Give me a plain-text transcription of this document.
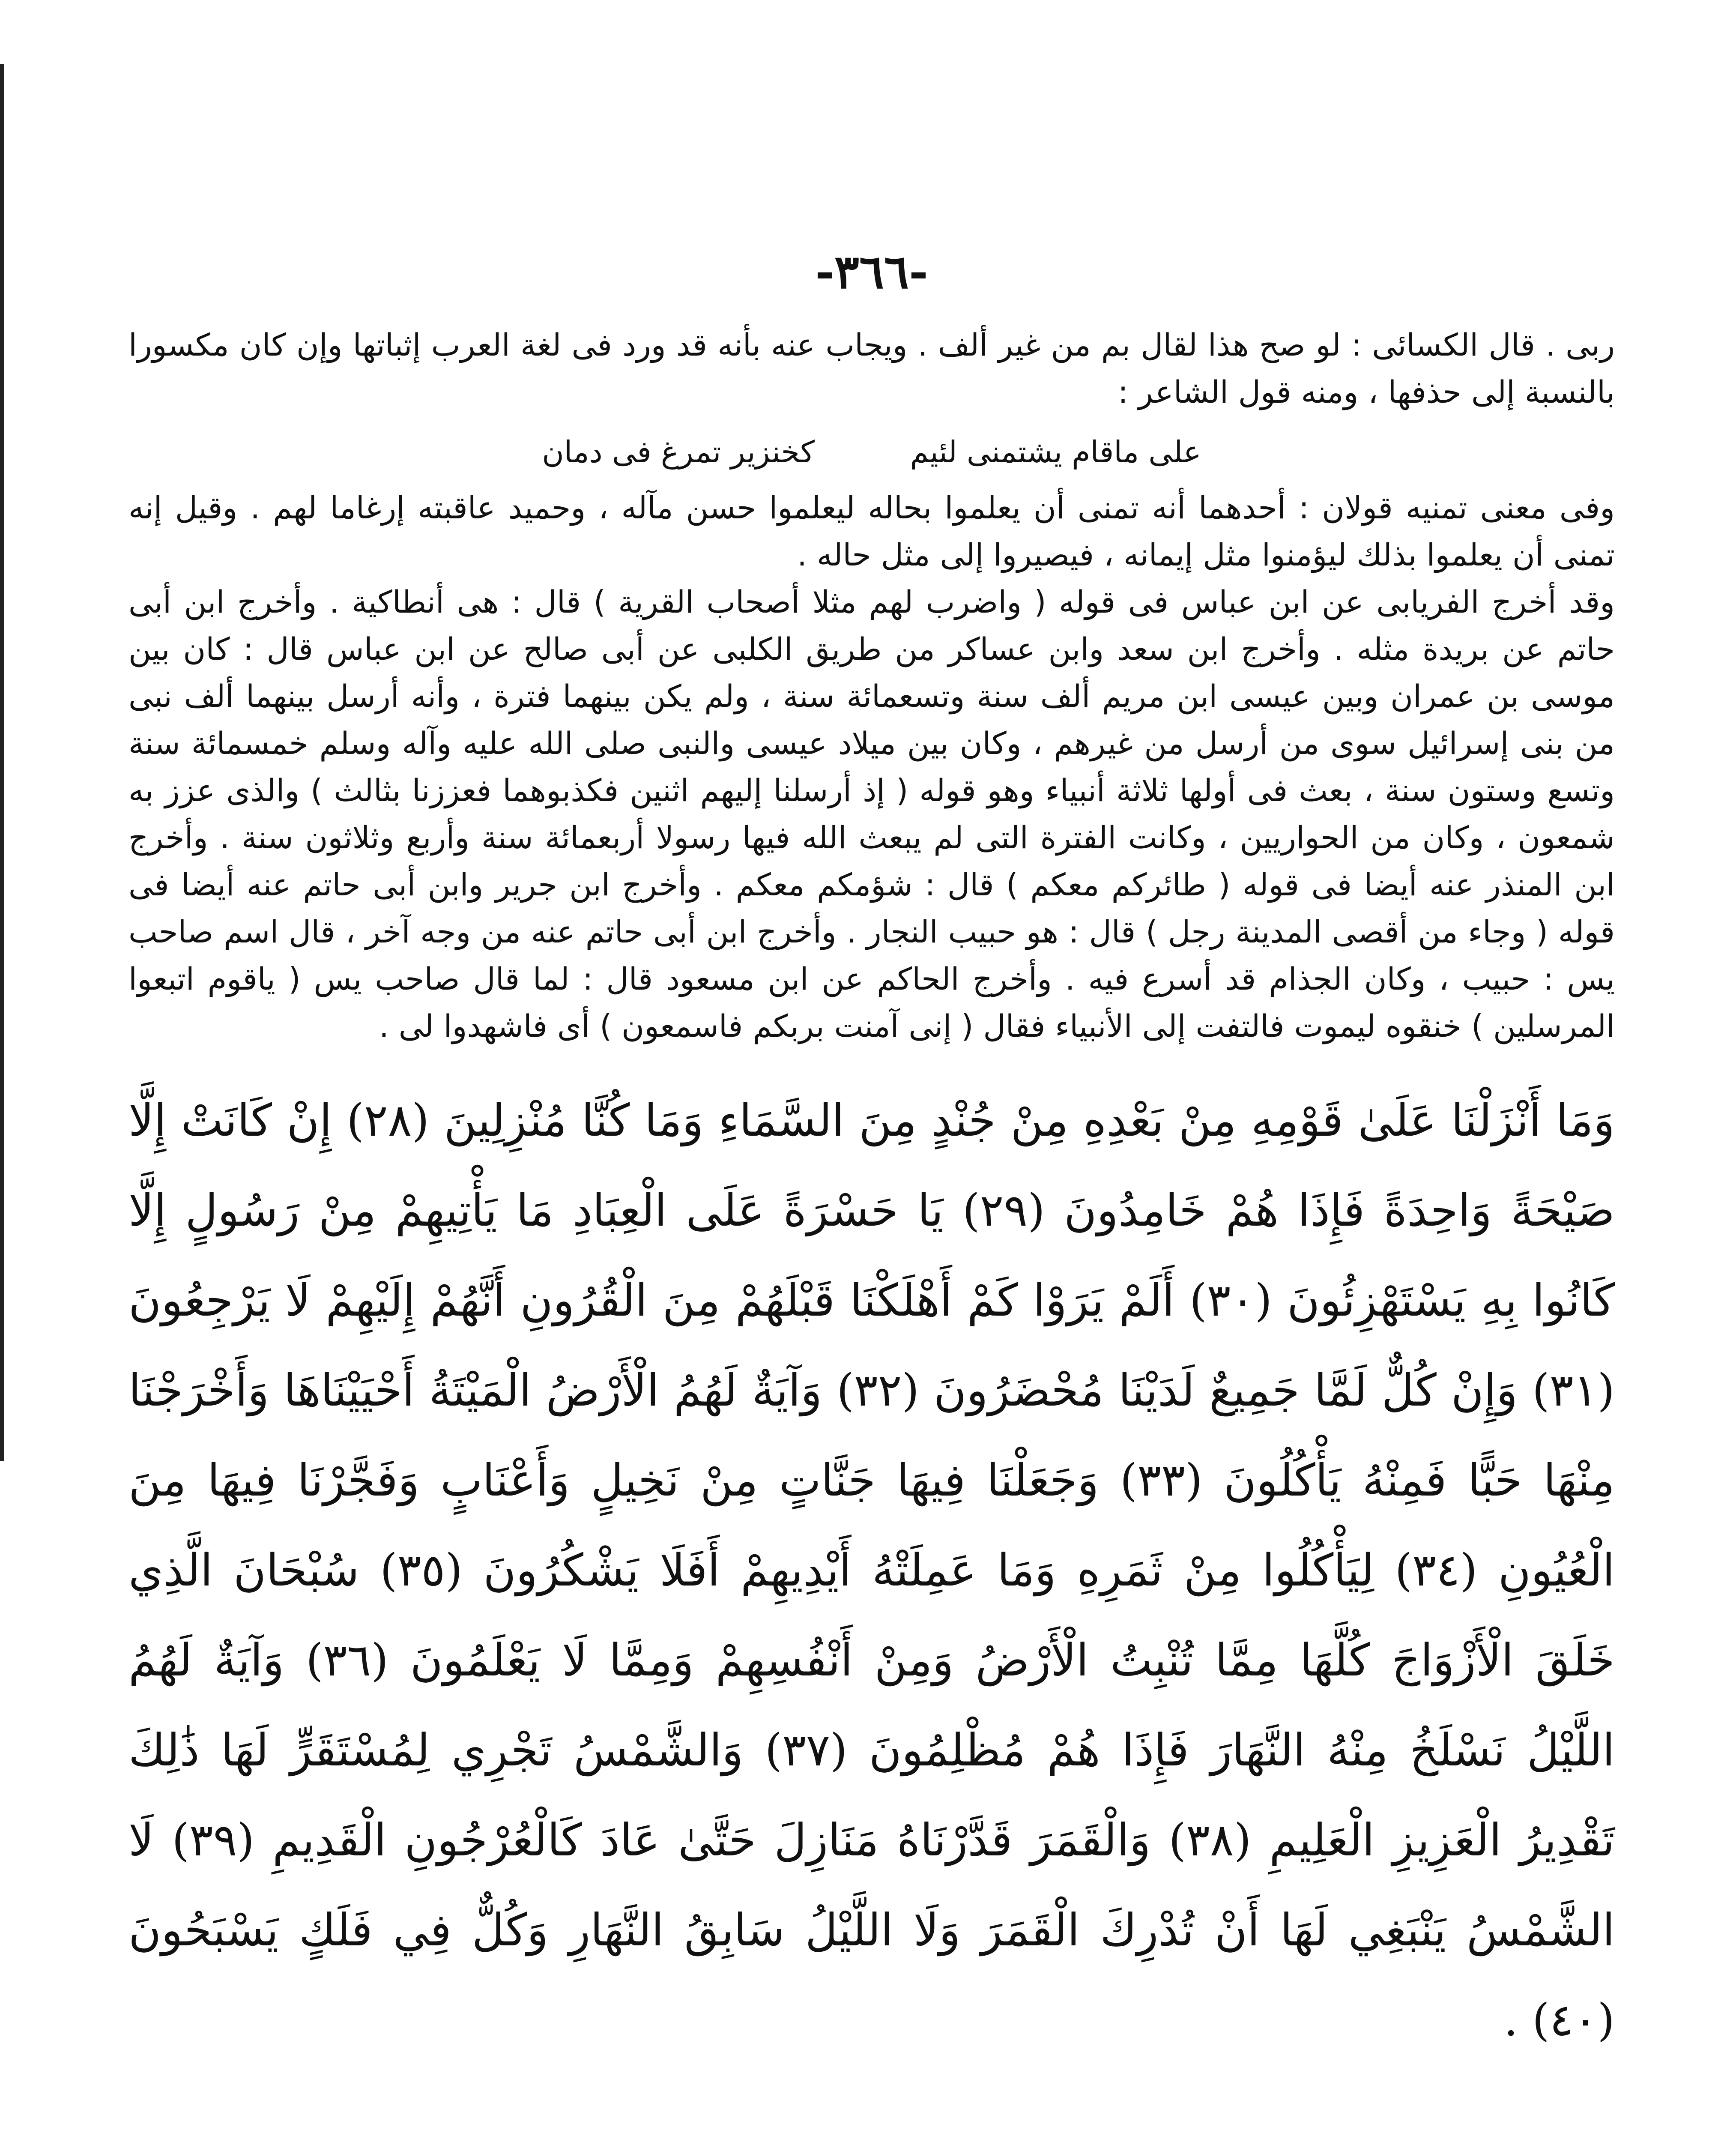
-٣٦٦-

ربى . قال الكسائى : لو صح هذا لقال بم من غير ألف . ويجاب عنه بأنه قد ورد فى لغة العرب إثباتها وإن كان مكسورا بالنسبة إلى حذفها ، ومنه قول الشاعر :

على ماقام يشتمنى لئيم          كخنزير تمرغ فى دمان

وفى معنى تمنيه قولان : أحدهما أنه تمنى أن يعلموا بحاله ليعلموا حسن مآله ، وحميد عاقبته إرغاما لهم . وقيل إنه تمنى أن يعلموا بذلك ليؤمنوا مثل إيمانه ، فيصيروا إلى مثل حاله .

وقد أخرج الفريابى عن ابن عباس فى قوله ( واضرب لهم مثلا أصحاب القرية ) قال : هى أنطاكية . وأخرج ابن أبى حاتم عن بريدة مثله . وأخرج ابن سعد وابن عساكر من طريق الكلبى عن أبى صالح عن ابن عباس قال : كان بين موسى بن عمران وبين عيسى ابن مريم ألف سنة وتسعمائة سنة ، ولم يكن بينهما فترة ، وأنه أرسل بينهما ألف نبى من بنى إسرائيل سوى من أرسل من غيرهم ، وكان بين ميلاد عيسى والنبى صلى الله عليه وآله وسلم خمسمائة سنة وتسع وستون سنة ، بعث فى أولها ثلاثة أنبياء وهو قوله ( إذ أرسلنا إليهم اثنين فكذبوهما فعززنا بثالث ) والذى عزز به شمعون ، وكان من الحواريين ، وكانت الفترة التى لم يبعث الله فيها رسولا أربعمائة سنة وأربع وثلاثون سنة . وأخرج ابن المنذر عنه أيضا فى قوله ( طائركم معكم ) قال : شؤمكم معكم . وأخرج ابن جرير وابن أبى حاتم عنه أيضا فى قوله ( وجاء من أقصى المدينة رجل ) قال : هو حبيب النجار . وأخرج ابن أبى حاتم عنه من وجه آخر ، قال اسم صاحب يس : حبيب ، وكان الجذام قد أسرع فيه . وأخرج الحاكم عن ابن مسعود قال : لما قال صاحب يس ( ياقوم اتبعوا المرسلين ) خنقوه ليموت فالتفت إلى الأنبياء فقال ( إنى آمنت بربكم فاسمعون ) أى فاشهدوا لى .

وَمَا أَنْزَلْنَا عَلَىٰ قَوْمِهِ مِنْ بَعْدِهِ مِنْ جُنْدٍ مِنَ السَّمَاءِ وَمَا كُنَّا مُنْزِلِينَ (٢٨) إِنْ كَانَتْ إِلَّا صَيْحَةً وَاحِدَةً فَإِذَا هُمْ خَامِدُونَ (٢٩) يَا حَسْرَةً عَلَى الْعِبَادِ مَا يَأْتِيهِمْ مِنْ رَسُولٍ إِلَّا كَانُوا بِهِ يَسْتَهْزِئُونَ (٣٠) أَلَمْ يَرَوْا كَمْ أَهْلَكْنَا قَبْلَهُمْ مِنَ الْقُرُونِ أَنَّهُمْ إِلَيْهِمْ لَا يَرْجِعُونَ (٣١) وَإِنْ كُلٌّ لَمَّا جَمِيعٌ لَدَيْنَا مُحْضَرُونَ (٣٢) وَآيَةٌ لَهُمُ الْأَرْضُ الْمَيْتَةُ أَحْيَيْنَاهَا وَأَخْرَجْنَا مِنْهَا حَبًّا فَمِنْهُ يَأْكُلُونَ (٣٣) وَجَعَلْنَا فِيهَا جَنَّاتٍ مِنْ نَخِيلٍ وَأَعْنَابٍ وَفَجَّرْنَا فِيهَا مِنَ الْعُيُونِ (٣٤) لِيَأْكُلُوا مِنْ ثَمَرِهِ وَمَا عَمِلَتْهُ أَيْدِيهِمْ أَفَلَا يَشْكُرُونَ (٣٥) سُبْحَانَ الَّذِي خَلَقَ الْأَزْوَاجَ كُلَّهَا مِمَّا تُنْبِتُ الْأَرْضُ وَمِنْ أَنْفُسِهِمْ وَمِمَّا لَا يَعْلَمُونَ (٣٦) وَآيَةٌ لَهُمُ اللَّيْلُ نَسْلَخُ مِنْهُ النَّهَارَ فَإِذَا هُمْ مُظْلِمُونَ (٣٧) وَالشَّمْسُ تَجْرِي لِمُسْتَقَرٍّ لَهَا ذَٰلِكَ تَقْدِيرُ الْعَزِيزِ الْعَلِيمِ (٣٨) وَالْقَمَرَ قَدَّرْنَاهُ مَنَازِلَ حَتَّىٰ عَادَ كَالْعُرْجُونِ الْقَدِيمِ (٣٩) لَا الشَّمْسُ يَنْبَغِي لَهَا أَنْ تُدْرِكَ الْقَمَرَ وَلَا اللَّيْلُ سَابِقُ النَّهَارِ وَكُلٌّ فِي فَلَكٍ يَسْبَحُونَ (٤٠) .
